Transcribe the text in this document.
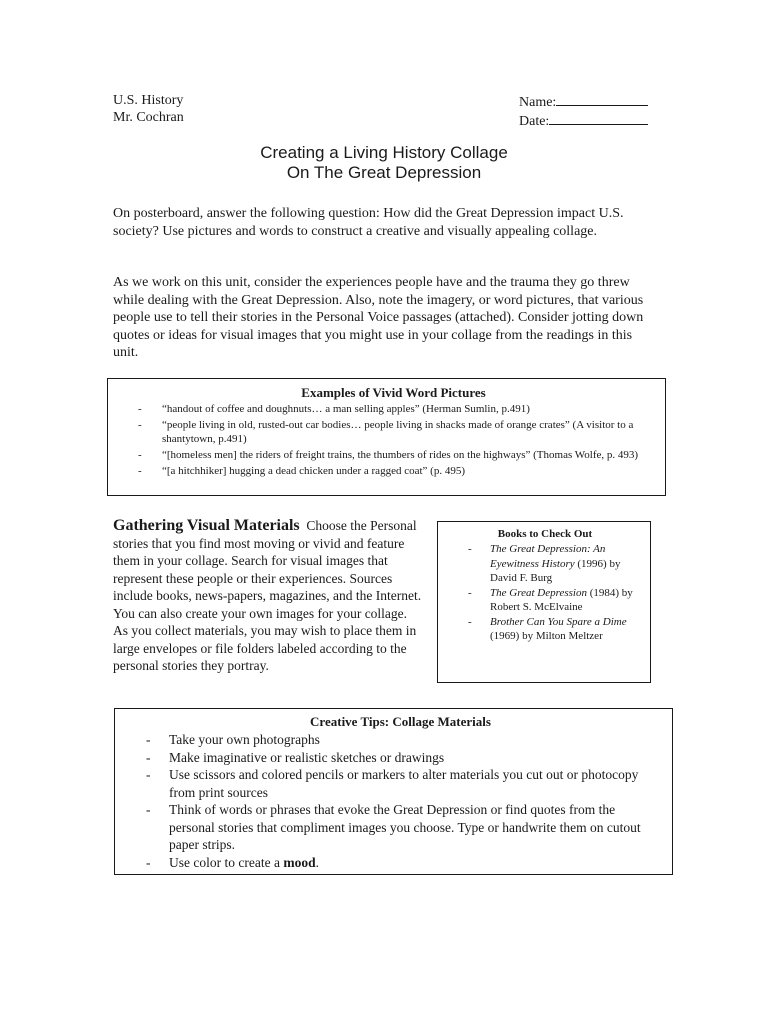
U.S. History
Mr. Cochran
Name:
Date:
Creating a Living History Collage
On The Great Depression
On posterboard, answer the following question: How did the Great Depression impact U.S. society? Use pictures and words to construct a creative and visually appealing collage.
As we work on this unit, consider the experiences people have and the trauma they go threw while dealing with the Great Depression. Also, note the imagery, or word pictures, that various people use to tell their stories in the Personal Voice passages (attached). Consider jotting down quotes or ideas for visual images that you might use in your collage from the readings in this unit.
Examples of Vivid Word Pictures
- “handout of coffee and doughnuts… a man selling apples” (Herman Sumlin, p.491)
- “people living in old, rusted-out car bodies… people living in shacks made of orange crates” (A visitor to a shantytown, p.491)
- “[homeless men] the riders of freight trains, the thumbers of rides on the highways” (Thomas Wolfe, p. 493)
- “[a hitchhiker] hugging a dead chicken under a ragged coat” (p. 495)
Gathering Visual Materials Choose the Personal stories that you find most moving or vivid and feature them in your collage. Search for visual images that represent these people or their experiences. Sources include books, news-papers, magazines, and the Internet. You can also create your own images for your collage. As you collect materials, you may wish to place them in large envelopes or file folders labeled according to the personal stories they portray.
Books to Check Out
- The Great Depression: An Eyewitness History (1996) by David F. Burg
- The Great Depression (1984) by Robert S. McElvaine
- Brother Can You Spare a Dime (1969) by Milton Meltzer
Creative Tips: Collage Materials
- Take your own photographs
- Make imaginative or realistic sketches or drawings
- Use scissors and colored pencils or markers to alter materials you cut out or photocopy from print sources
- Think of words or phrases that evoke the Great Depression or find quotes from the personal stories that compliment images you choose. Type or handwrite them on cutout paper strips.
- Use color to create a mood.
